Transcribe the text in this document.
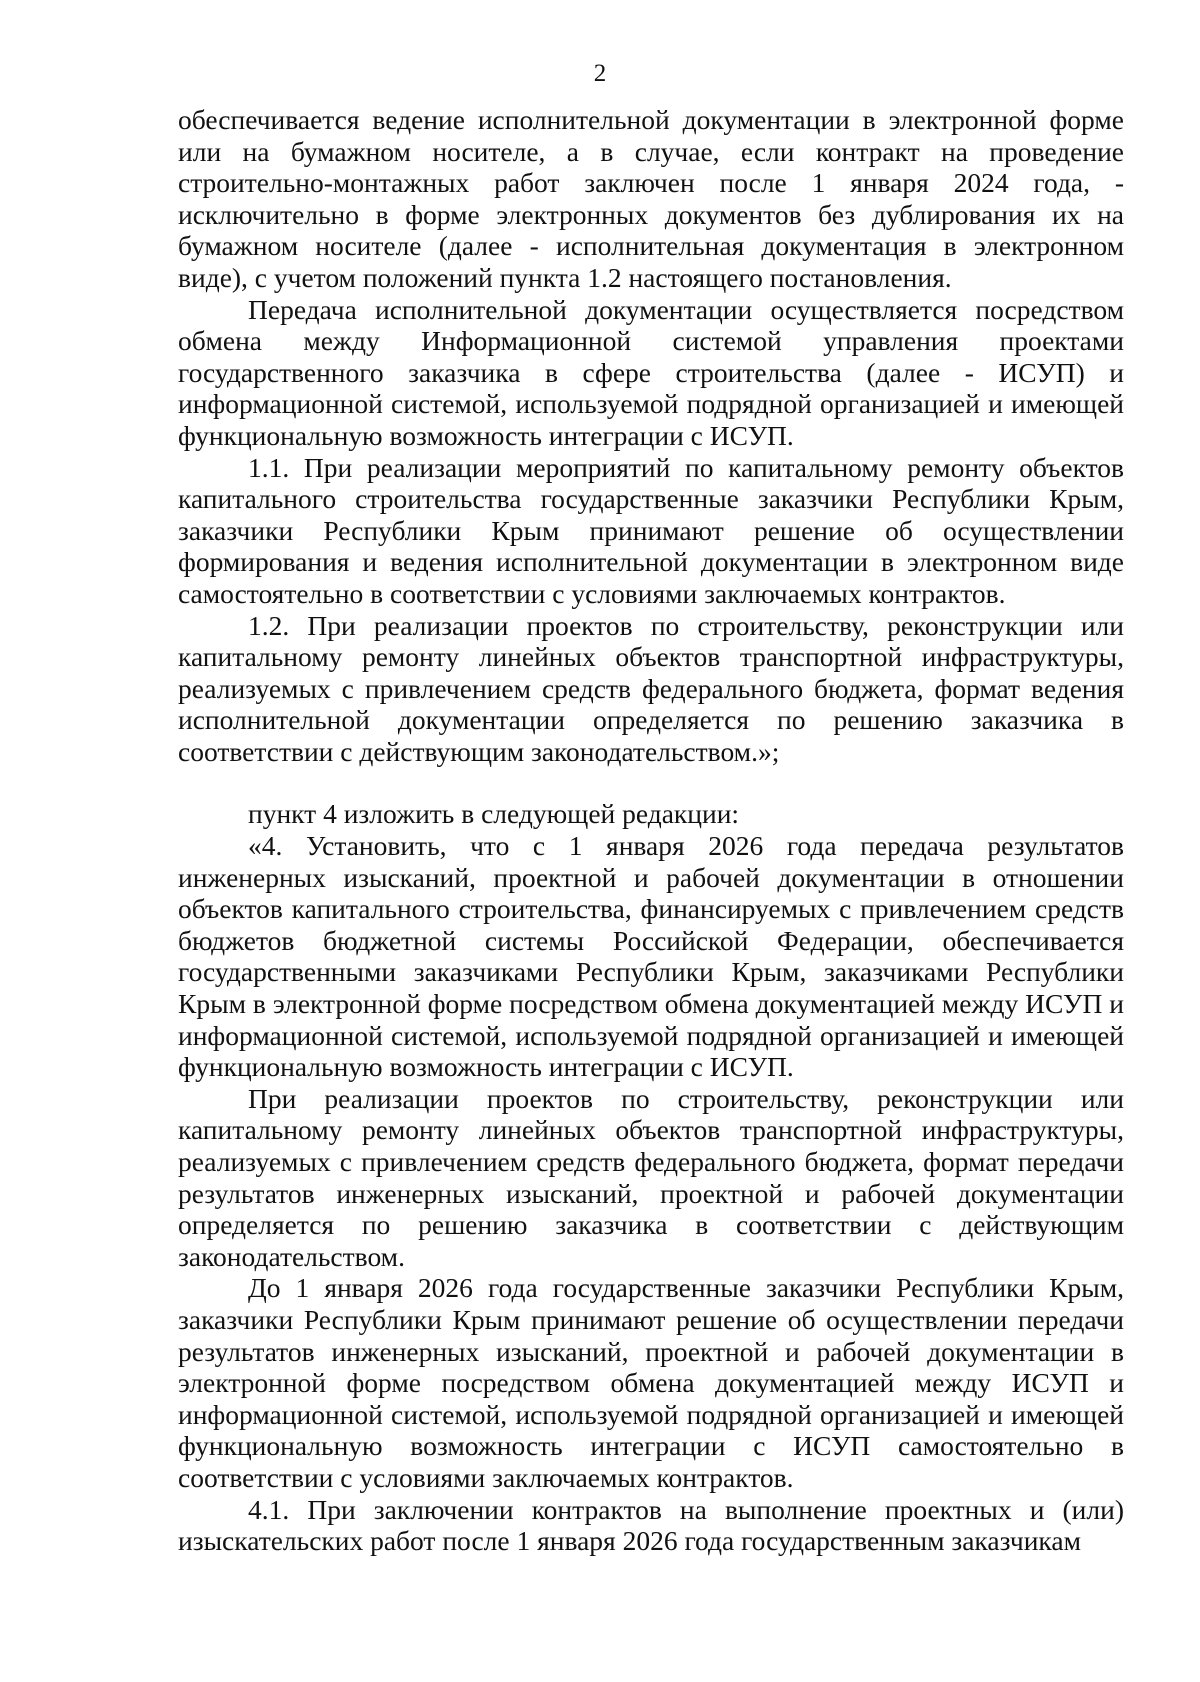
2

обеспечивается ведение исполнительной документации в электронной форме или на бумажном носителе, а в случае, если контракт на проведение строительно-монтажных работ заключен после 1 января 2024 года, - исключительно в форме электронных документов без дублирования их на бумажном носителе (далее - исполнительная документация в электронном виде), с учетом положений пункта 1.2 настоящего постановления.

Передача исполнительной документации осуществляется посредством обмена между Информационной системой управления проектами государственного заказчика в сфере строительства (далее - ИСУП) и информационной системой, используемой подрядной организацией и имеющей функциональную возможность интеграции с ИСУП.

1.1. При реализации мероприятий по капитальному ремонту объектов капитального строительства государственные заказчики Республики Крым, заказчики Республики Крым принимают решение об осуществлении формирования и ведения исполнительной документации в электронном виде самостоятельно в соответствии с условиями заключаемых контрактов.

1.2. При реализации проектов по строительству, реконструкции или капитальному ремонту линейных объектов транспортной инфраструктуры, реализуемых с привлечением средств федерального бюджета, формат ведения исполнительной документации определяется по решению заказчика в соответствии с действующим законодательством.»;

пункт 4 изложить в следующей редакции:

«4. Установить, что с 1 января 2026 года передача результатов инженерных изысканий, проектной и рабочей документации в отношении объектов капитального строительства, финансируемых с привлечением средств бюджетов бюджетной системы Российской Федерации, обеспечивается государственными заказчиками Республики Крым, заказчиками Республики Крым в электронной форме посредством обмена документацией между ИСУП и информационной системой, используемой подрядной организацией и имеющей функциональную возможность интеграции с ИСУП.

При реализации проектов по строительству, реконструкции или капитальному ремонту линейных объектов транспортной инфраструктуры, реализуемых с привлечением средств федерального бюджета, формат передачи результатов инженерных изысканий, проектной и рабочей документации определяется по решению заказчика в соответствии с действующим законодательством.

До 1 января 2026 года государственные заказчики Республики Крым, заказчики Республики Крым принимают решение об осуществлении передачи результатов инженерных изысканий, проектной и рабочей документации в электронной форме посредством обмена документацией между ИСУП и информационной системой, используемой подрядной организацией и имеющей функциональную возможность интеграции с ИСУП самостоятельно в соответствии с условиями заключаемых контрактов.

4.1. При заключении контрактов на выполнение проектных и (или) изыскательских работ после 1 января 2026 года государственным заказчикам
